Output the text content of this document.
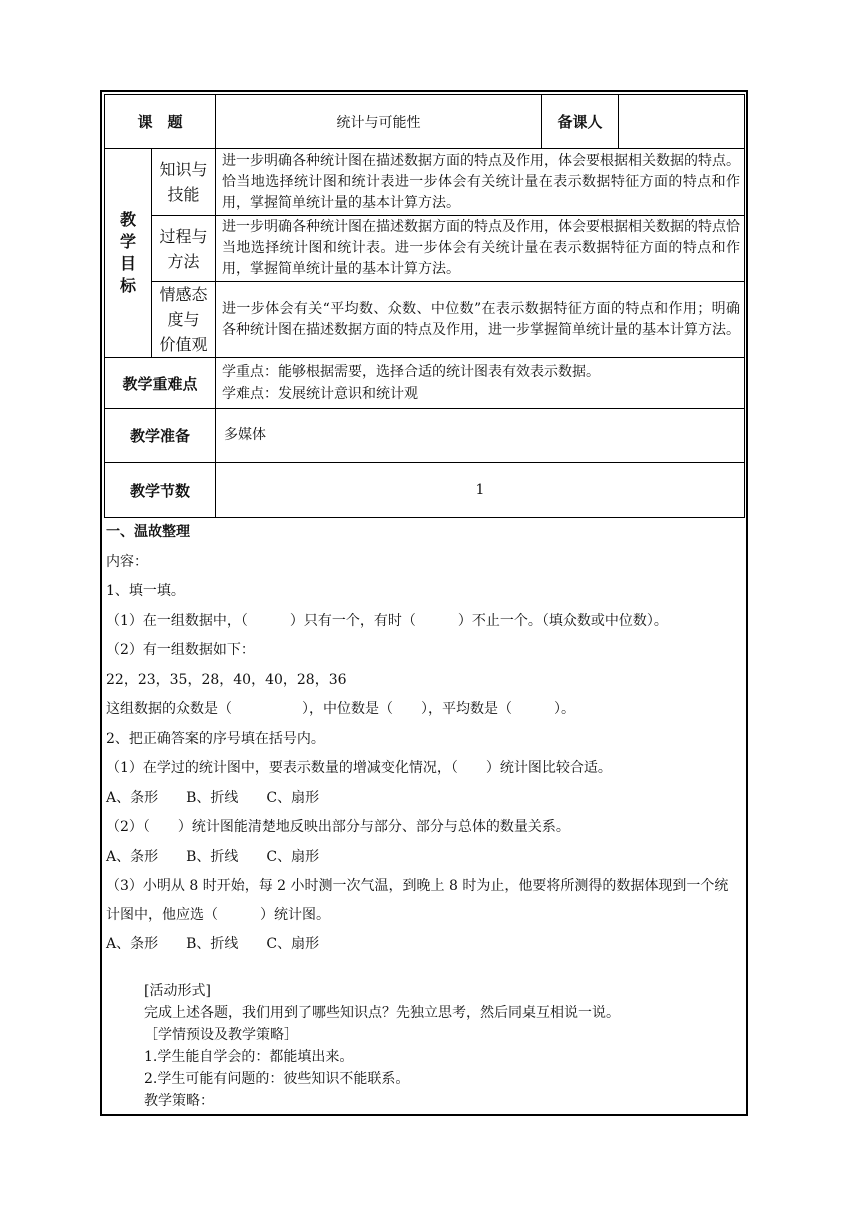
课　题		统计与可能性	备课人	

教
学
目
标	知识与技能	进一步明确各种统计图在描述数据方面的特点及作用，体会要根据相关数据的特点。恰当地选择统计图和统计表进一步体会有关统计量在表示数据特征方面的特点和作用，掌握简单统计量的基本计算方法。		
	过程与方法	进一步明确各种统计图在描述数据方面的特点及作用，体会要根据相关数据的特点恰当地选择统计图和统计表。进一步体会有关统计量在表示数据特征方面的特点和作用，掌握简单统计量的基本计算方法。		
	情感态度与
价值观	进一步体会有关“平均数、众数、中位数”在表示数据特征方面的特点和作用；明确各种统计图在描述数据方面的特点及作用，进一步掌握简单统计量的基本计算方法。		
教学重难点		学重点：能够根据需要，选择合适的统计图表有效表示数据。
学难点：发展统计意识和统计观		

教学准备		多媒体		
教学节数		1		
一、温故整理
内容：
1、填一填。
（1）在一组数据中，（　　　）只有一个，有时（　　　）不止一个。（填众数或中位数）。
（2）有一组数据如下：
22，23，35，28，40，40，28，36
这组数据的众数是（　　　　　），中位数是（　　），平均数是（　　　）。
2、把正确答案的序号填在括号内。
（1）在学过的统计图中，要表示数量的增减变化情况，（　　）统计图比较合适。
A、条形　　B、折线　　C、扇形
（2）（　　）统计图能清楚地反映出部分与部分、部分与总体的数量关系。
A、条形　　B、折线　　C、扇形
（3）小明从 8 时开始，每 2 小时测一次气温，到晚上 8 时为止，他要将所测得的数据体现到一个统计图中，他应选（　　　）统计图。
A、条形　　B、折线　　C、扇形
[活动形式]
完成上述各题，我们用到了哪些知识点？先独立思考，然后同桌互相说一说。
［学情预设及教学策略］
1.学生能自学会的：都能填出来。
2.学生可能有问题的：彼些知识不能联系。
教学策略：
